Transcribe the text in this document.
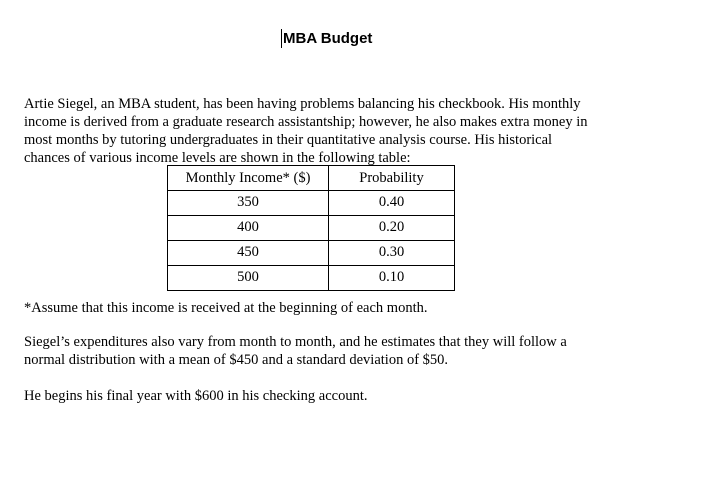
MBA Budget

Artie Siegel, an MBA student, has been having problems balancing his checkbook. His monthly
income is derived from a graduate research assistantship; however, he also makes extra money in
most months by tutoring undergraduates in their quantitative analysis course. His historical
chances of various income levels are shown in the following table:

Monthly Income* ($)	Probability
350	0.40
400	0.20
450	0.30
500	0.10

*Assume that this income is received at the beginning of each month.

Siegel’s expenditures also vary from month to month, and he estimates that they will follow a
normal distribution with a mean of $450 and a standard deviation of $50.

He begins his final year with $600 in his checking account.
